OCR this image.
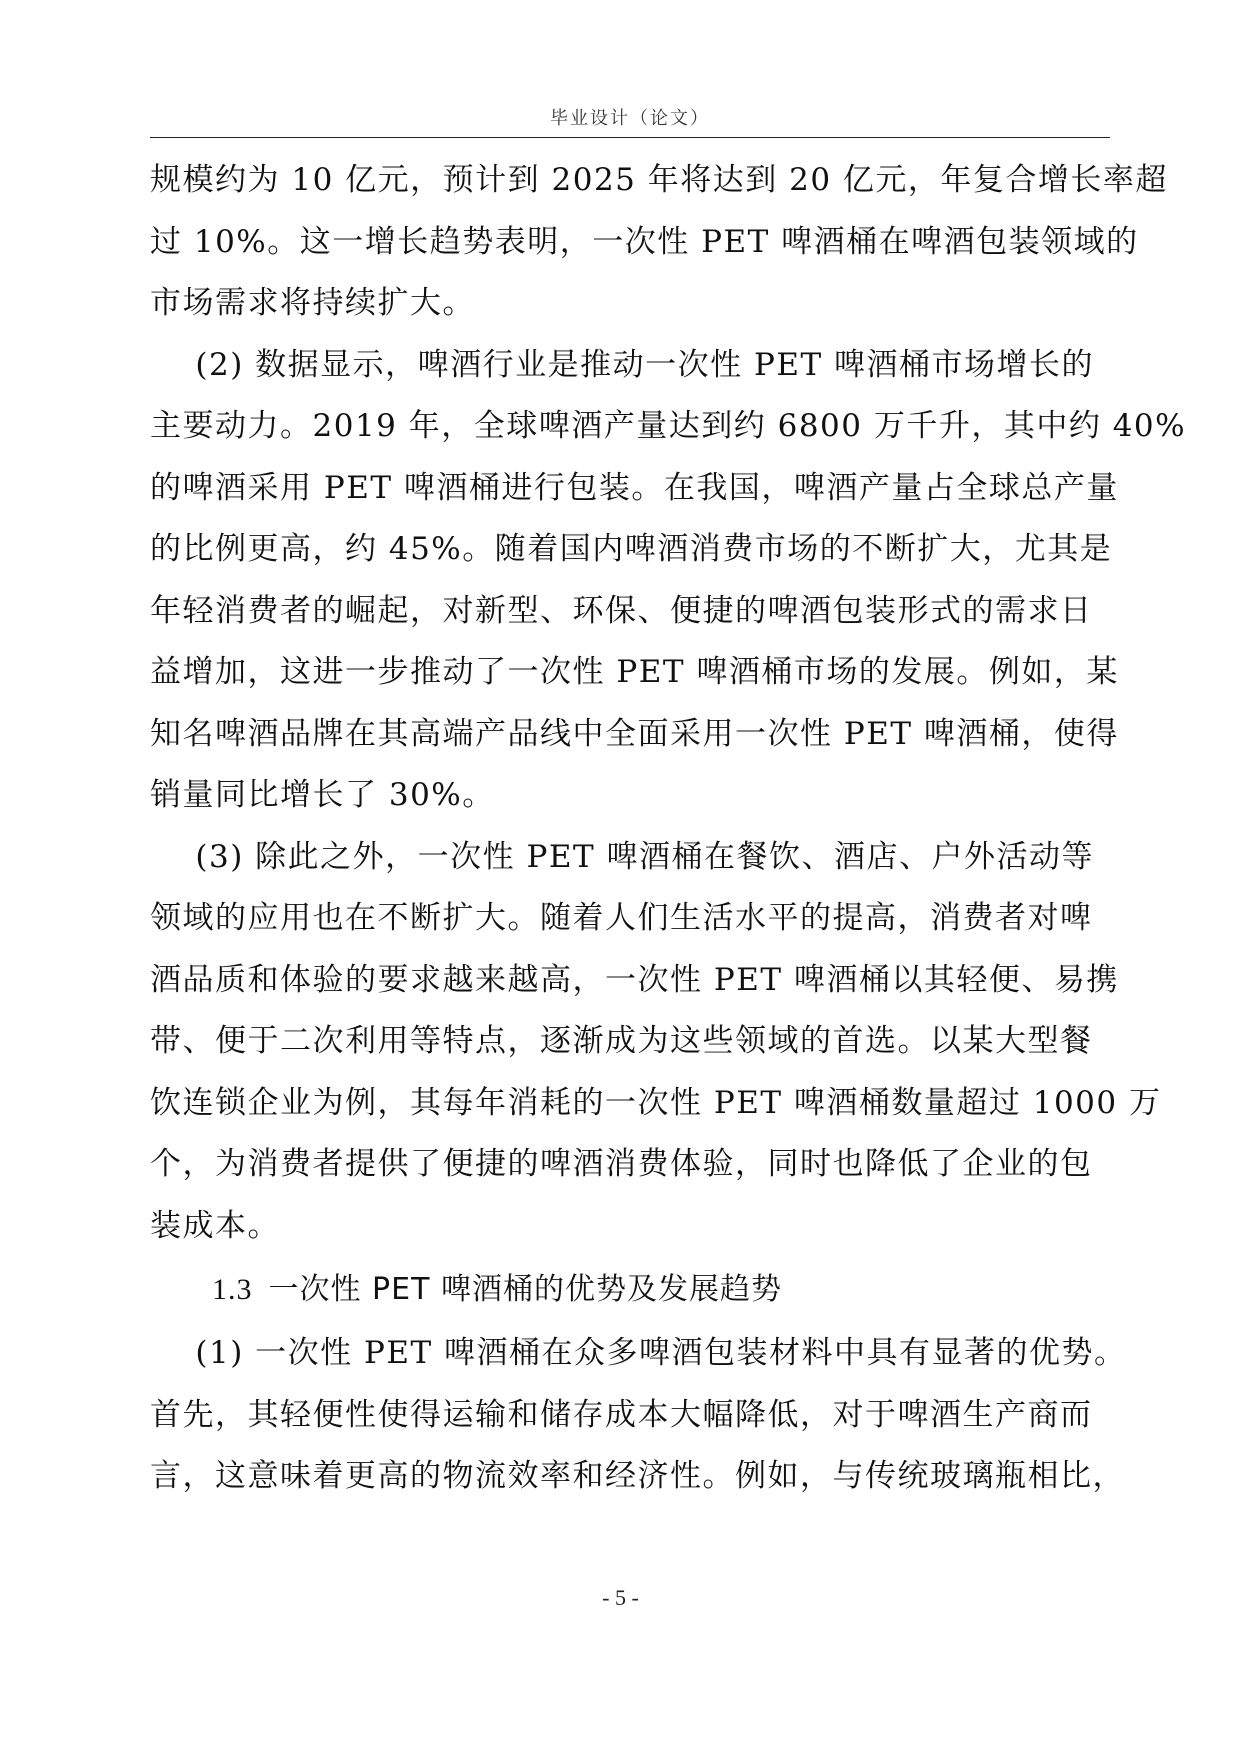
毕业设计（论文）

规模约为 10 亿元，预计到 2025 年将达到 20 亿元，年复合增长率超

过 10%。这一增长趋势表明，一次性 PET 啤酒桶在啤酒包装领域的

市场需求将持续扩大。

(2) 数据显示，啤酒行业是推动一次性 PET 啤酒桶市场增长的

主要动力。2019 年，全球啤酒产量达到约 6800 万千升，其中约 40%

的啤酒采用 PET 啤酒桶进行包装。在我国，啤酒产量占全球总产量

的比例更高，约 45%。随着国内啤酒消费市场的不断扩大，尤其是

年轻消费者的崛起，对新型、环保、便捷的啤酒包装形式的需求日

益增加，这进一步推动了一次性 PET 啤酒桶市场的发展。例如，某

知名啤酒品牌在其高端产品线中全面采用一次性 PET 啤酒桶，使得

销量同比增长了 30%。

(3) 除此之外，一次性 PET 啤酒桶在餐饮、酒店、户外活动等

领域的应用也在不断扩大。随着人们生活水平的提高，消费者对啤

酒品质和体验的要求越来越高，一次性 PET 啤酒桶以其轻便、易携

带、便于二次利用等特点，逐渐成为这些领域的首选。以某大型餐

饮连锁企业为例，其每年消耗的一次性 PET 啤酒桶数量超过 1000 万

个，为消费者提供了便捷的啤酒消费体验，同时也降低了企业的包

装成本。

1.3 一次性 PET 啤酒桶的优势及发展趋势

(1) 一次性 PET 啤酒桶在众多啤酒包装材料中具有显著的优势。

首先，其轻便性使得运输和储存成本大幅降低，对于啤酒生产商而

言，这意味着更高的物流效率和经济性。例如，与传统玻璃瓶相比，

- 5 -
